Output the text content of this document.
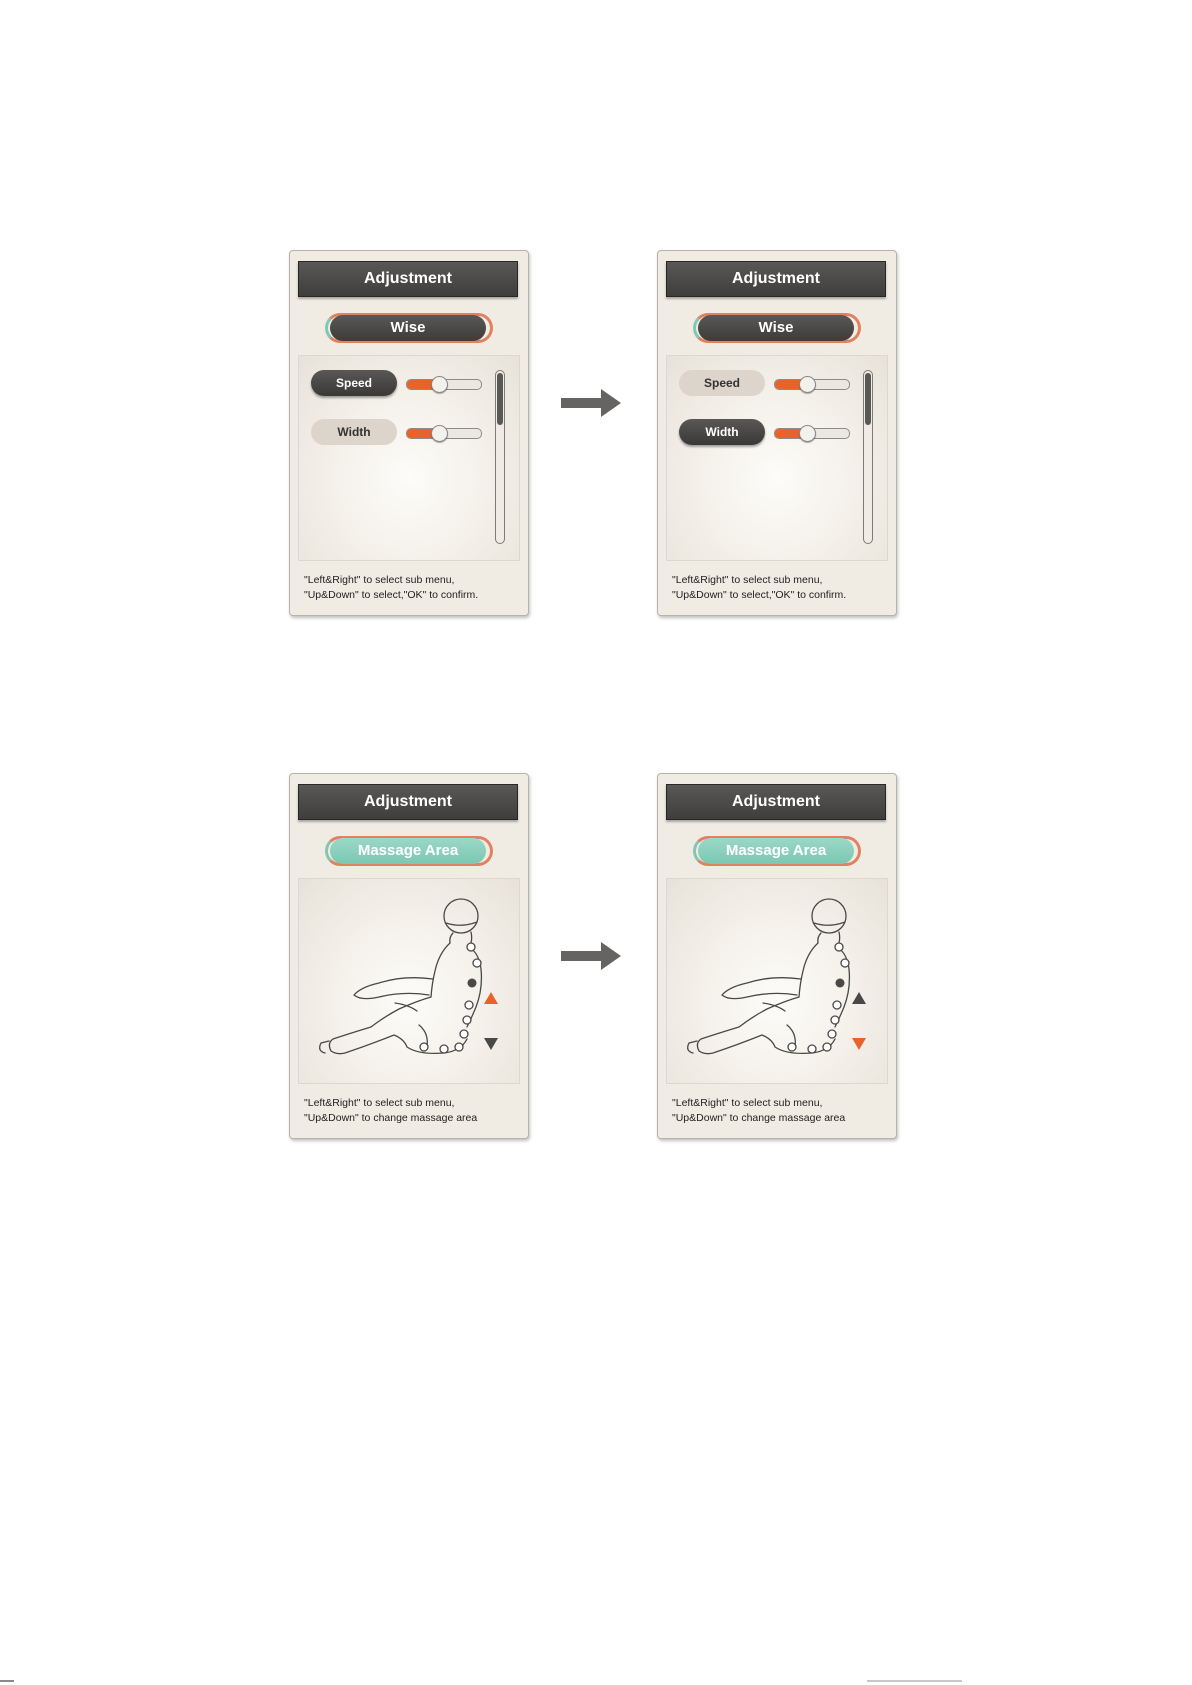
Adjustment
Wise
Speed
Width
"Left&Right" to select sub menu,
"Up&Down" to select,"OK" to confirm.
Adjustment
Wise
Speed
Width
"Left&Right" to select sub menu,
"Up&Down" to select,"OK" to confirm.
Adjustment
Massage Area
"Left&Right" to select sub menu,
"Up&Down" to change massage area
Adjustment
Massage Area
"Left&Right" to select sub menu,
"Up&Down" to change massage area
